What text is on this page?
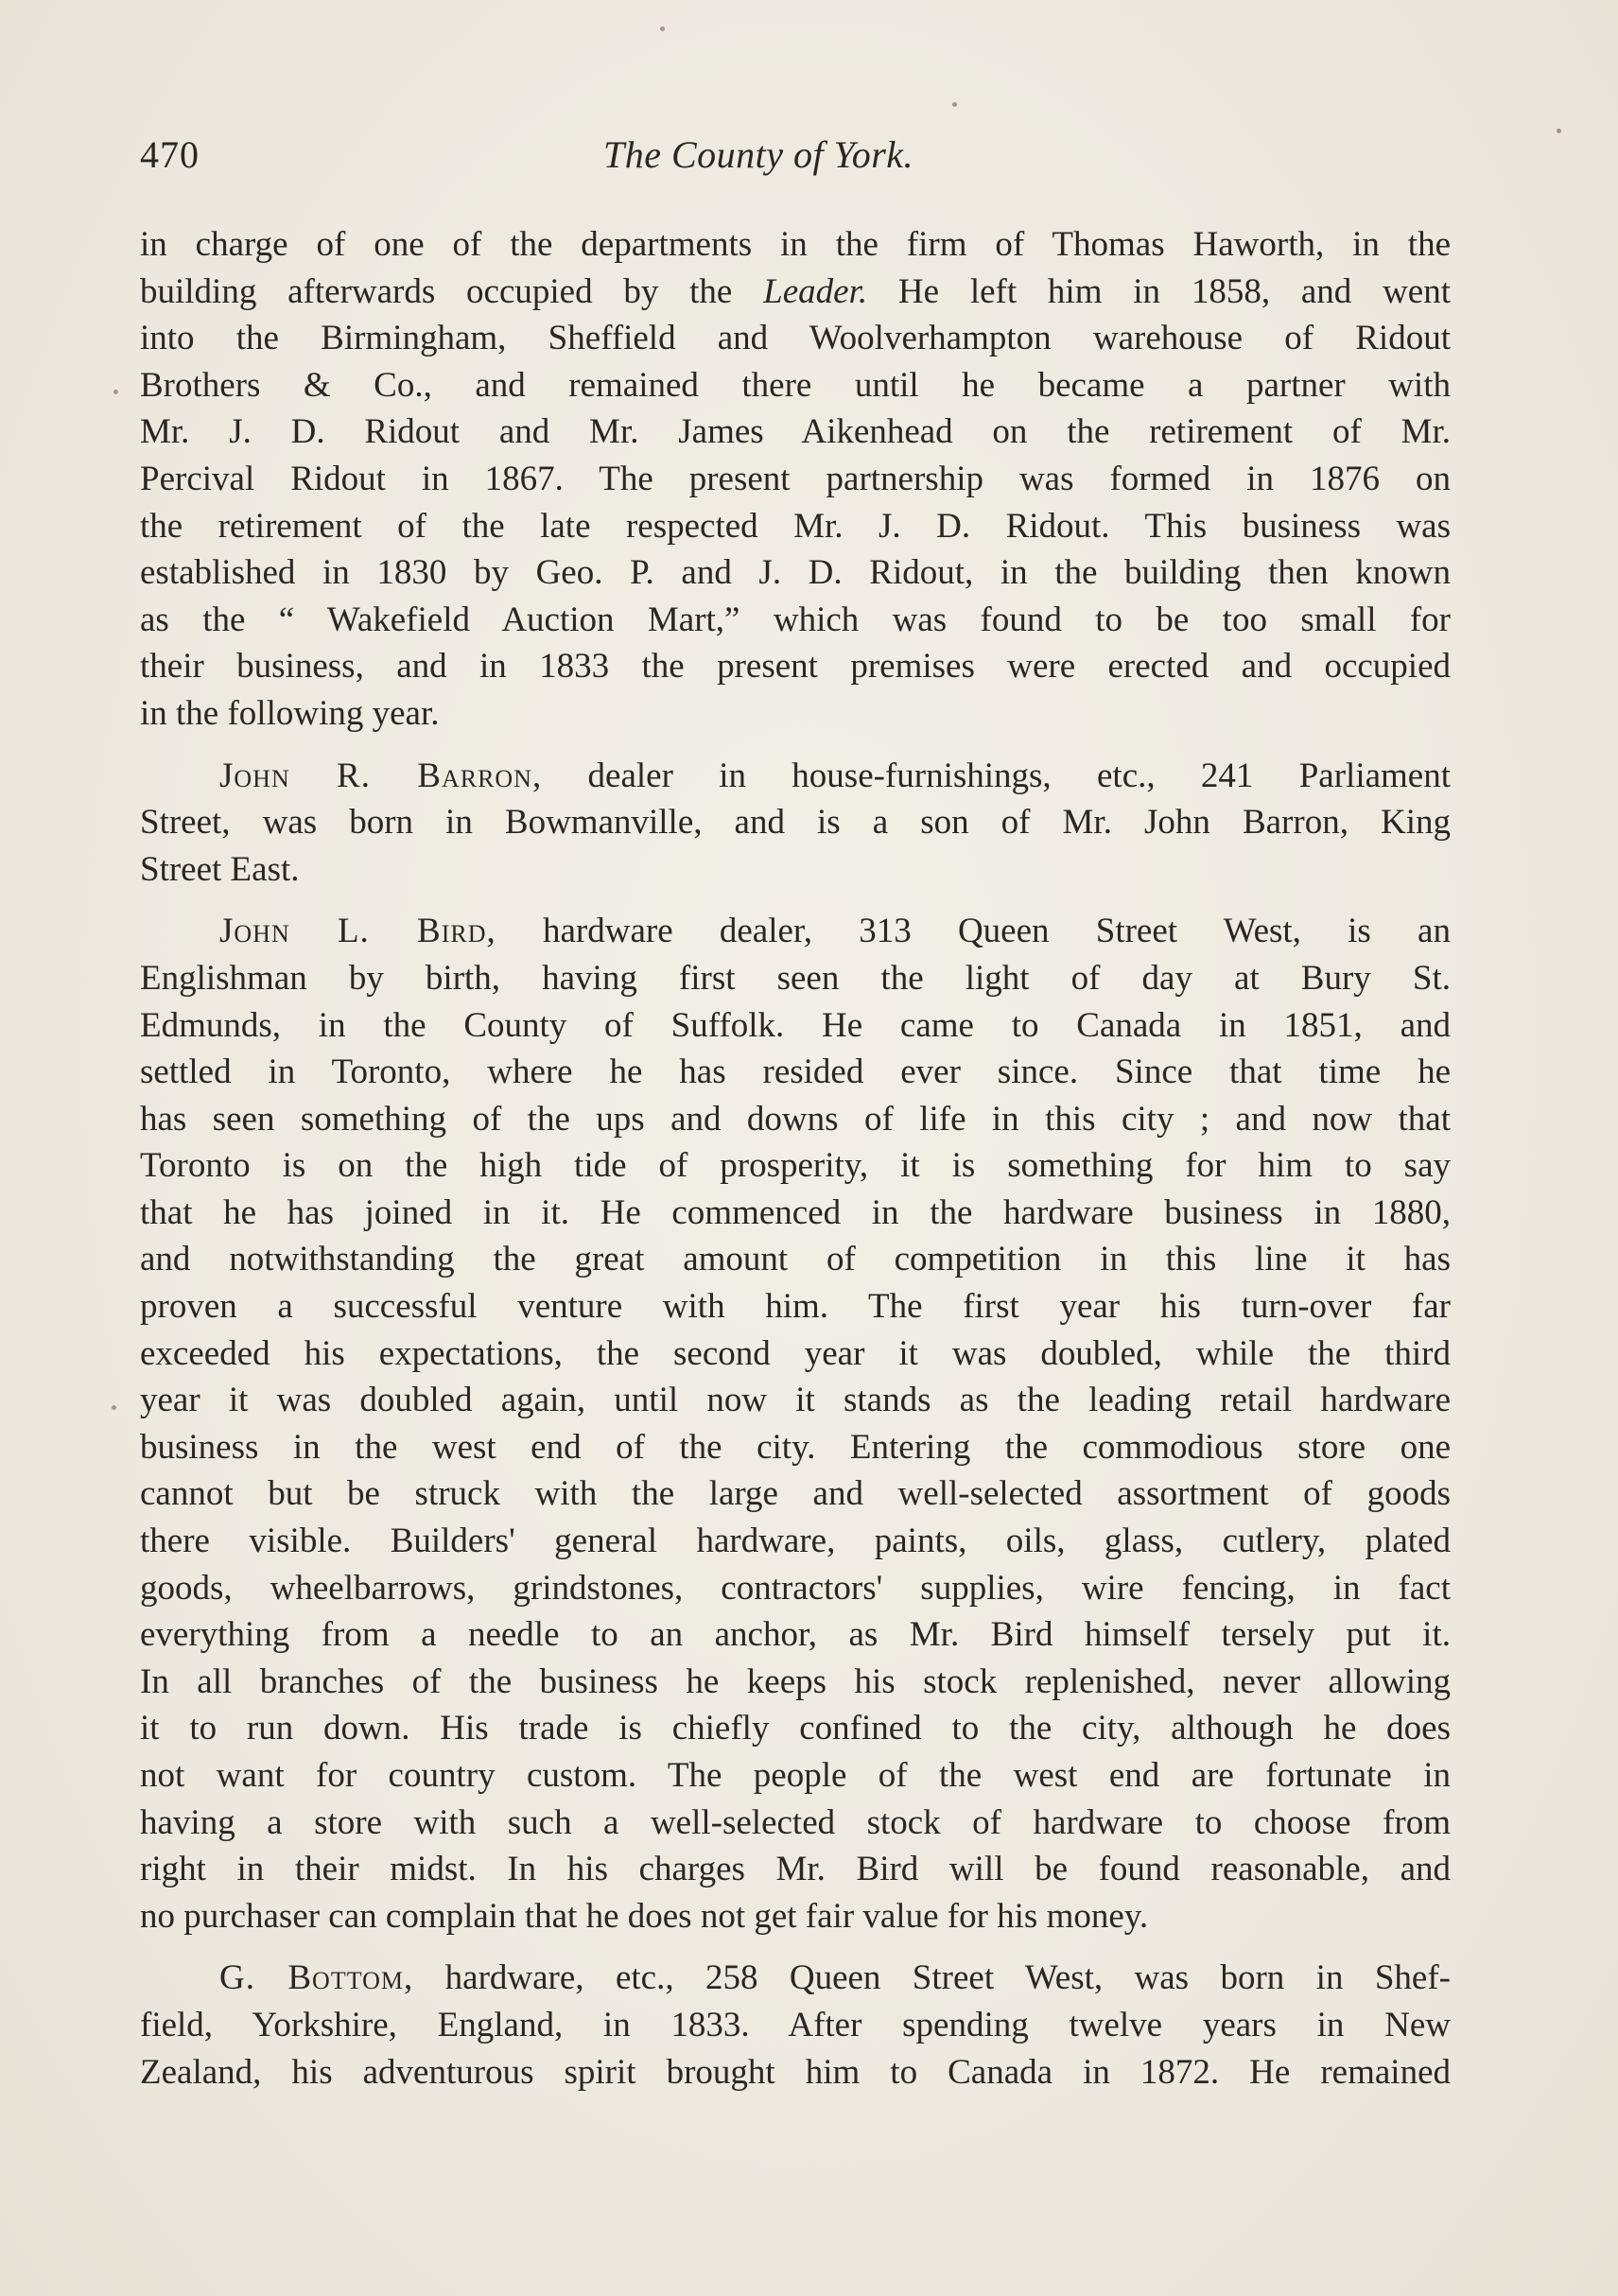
470	The County of York.
in charge of one of the departments in the firm of Thomas Haworth, in the
building afterwards occupied by the Leader. He left him in 1858, and went
into the Birmingham, Sheffield and Woolverhampton warehouse of Ridout
Brothers & Co., and remained there until he became a partner with
Mr. J. D. Ridout and Mr. James Aikenhead on the retirement of Mr.
Percival Ridout in 1867. The present partnership was formed in 1876 on
the retirement of the late respected Mr. J. D. Ridout. This business was
established in 1830 by Geo. P. and J. D. Ridout, in the building then known
as the “ Wakefield Auction Mart,” which was found to be too small for
their business, and in 1833 the present premises were erected and occupied
in the following year.
John R. Barron, dealer in house-furnishings, etc., 241 Parliament
Street, was born in Bowmanville, and is a son of Mr. John Barron, King
Street East.
John L. Bird, hardware dealer, 313 Queen Street West, is an
Englishman by birth, having first seen the light of day at Bury St.
Edmunds, in the County of Suffolk. He came to Canada in 1851, and
settled in Toronto, where he has resided ever since. Since that time he
has seen something of the ups and downs of life in this city ; and now that
Toronto is on the high tide of prosperity, it is something for him to say
that he has joined in it. He commenced in the hardware business in 1880,
and notwithstanding the great amount of competition in this line it has
proven a successful venture with him. The first year his turn-over far
exceeded his expectations, the second year it was doubled, while the third
year it was doubled again, until now it stands as the leading retail hardware
business in the west end of the city. Entering the commodious store one
cannot but be struck with the large and well-selected assortment of goods
there visible. Builders' general hardware, paints, oils, glass, cutlery, plated
goods, wheelbarrows, grindstones, contractors' supplies, wire fencing, in fact
everything from a needle to an anchor, as Mr. Bird himself tersely put it.
In all branches of the business he keeps his stock replenished, never allowing
it to run down. His trade is chiefly confined to the city, although he does
not want for country custom. The people of the west end are fortunate in
having a store with such a well-selected stock of hardware to choose from
right in their midst. In his charges Mr. Bird will be found reasonable, and
no purchaser can complain that he does not get fair value for his money.
G. Bottom, hardware, etc., 258 Queen Street West, was born in Shef-
field, Yorkshire, England, in 1833. After spending twelve years in New
Zealand, his adventurous spirit brought him to Canada in 1872. He remained
